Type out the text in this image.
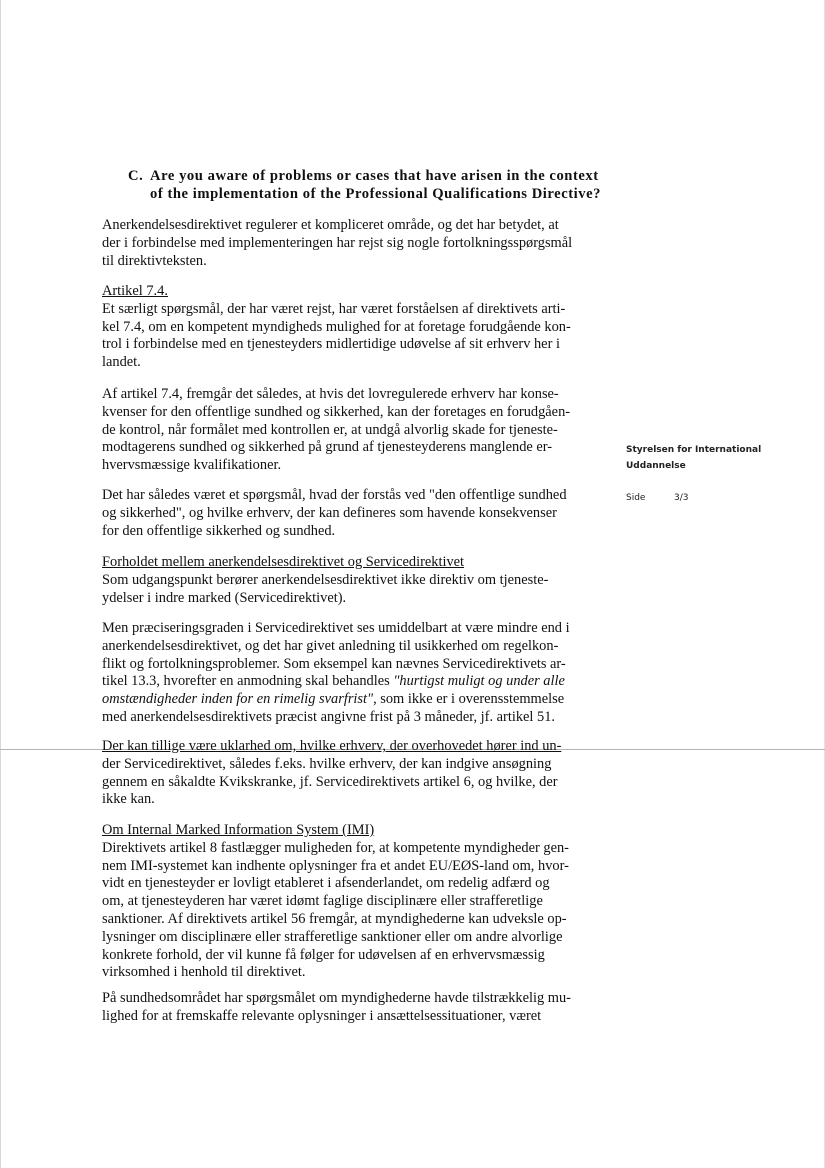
C. Are you aware of problems or cases that have arisen in the context
of the implementation of the Professional Qualifications Directive?
Anerkendelsesdirektivet regulerer et kompliceret område, og det har betydet, at
der i forbindelse med implementeringen har rejst sig nogle fortolkningsspørgsmål
til direktivteksten.
Artikel 7.4.
Et særligt spørgsmål, der har været rejst, har været forståelsen af direktivets arti-
kel 7.4, om en kompetent myndigheds mulighed for at foretage forudgående kon-
trol i forbindelse med en tjenesteyders midlertidige udøvelse af sit erhverv her i
landet.
Af artikel 7.4, fremgår det således, at hvis det lovregulerede erhverv har konse-
kvenser for den offentlige sundhed og sikkerhed, kan der foretages en forudgåen-
de kontrol, når formålet med kontrollen er, at undgå alvorlig skade for tjeneste-
modtagerens sundhed og sikkerhed på grund af tjenesteyderens manglende er-
hvervsmæssige kvalifikationer.
Det har således været et spørgsmål, hvad der forstås ved "den offentlige sundhed
og sikkerhed", og hvilke erhverv, der kan defineres som havende konsekvenser
for den offentlige sikkerhed og sundhed.
Forholdet mellem anerkendelsesdirektivet og Servicedirektivet
Som udgangspunkt berører anerkendelsesdirektivet ikke direktiv om tjeneste-
ydelser i indre marked (Servicedirektivet).
Men præciseringsgraden i Servicedirektivet ses umiddelbart at være mindre end i
anerkendelsesdirektivet, og det har givet anledning til usikkerhed om regelkon-
flikt og fortolkningsproblemer. Som eksempel kan nævnes Servicedirektivets ar-
tikel 13.3, hvorefter en anmodning skal behandles "hurtigst muligt og under alle
omstændigheder inden for en rimelig svarfrist", som ikke er i overensstemmelse
med anerkendelsesdirektivets præcist angivne frist på 3 måneder, jf. artikel 51.
Der kan tillige være uklarhed om, hvilke erhverv, der overhovedet hører ind un-
der Servicedirektivet, således f.eks. hvilke erhverv, der kan indgive ansøgning
gennem en såkaldte Kvikskranke, jf. Servicedirektivets artikel 6, og hvilke, der
ikke kan.
Om Internal Marked Information System (IMI)
Direktivets artikel 8 fastlægger muligheden for, at kompetente myndigheder gen-
nem IMI-systemet kan indhente oplysninger fra et andet EU/EØS-land om, hvor-
vidt en tjenesteyder er lovligt etableret i afsenderlandet, om redelig adfærd og
om, at tjenesteyderen har været idømt faglige disciplinære eller strafferetlige
sanktioner. Af direktivets artikel 56 fremgår, at myndighederne kan udveksle op-
lysninger om disciplinære eller strafferetlige sanktioner eller om andre alvorlige
konkrete forhold, der vil kunne få følger for udøvelsen af en erhvervsmæssig
virksomhed i henhold til direktivet.
På sundhedsområdet har spørgsmålet om myndighederne havde tilstrækkelig mu-
lighed for at fremskaffe relevante oplysninger i ansættelsessituationer, været
Styrelsen for International
Uddannelse
Side	3/3
